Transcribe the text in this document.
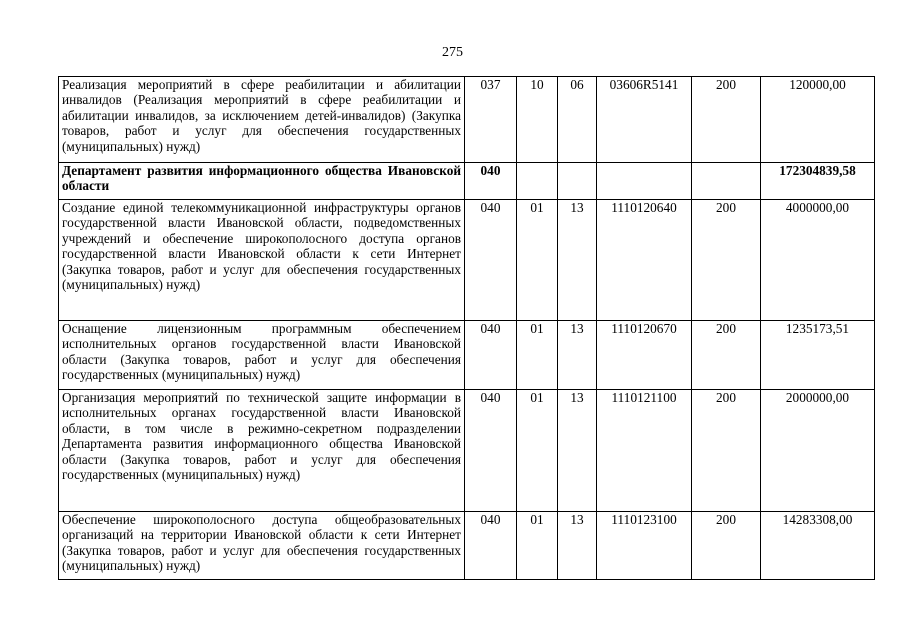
275
Реализация мероприятий в сфере реабилитации и абилитации инвалидов (Реализация мероприятий в сфере реабилитации и абилитации инвалидов, за исключением детей-инвалидов) (Закупка товаров, работ и услуг для обеспечения государственных (муниципальных) нужд)	037	10	06	03606R5141	200	120000,00
Департамент развития информационного общества Ивановской области	040					172304839,58
Создание единой телекоммуникационной инфраструктуры органов государственной власти Ивановской области, подведомственных учреждений и обеспечение широкополосного доступа органов государственной власти Ивановской области к сети Интернет (Закупка товаров, работ и услуг для обеспечения государственных (муниципальных) нужд)	040	01	13	1110120640	200	4000000,00
Оснащение лицензионным программным обеспечением исполнительных органов государственной власти Ивановской области (Закупка товаров, работ и услуг для обеспечения государственных (муниципальных) нужд)	040	01	13	1110120670	200	1235173,51
Организация мероприятий по технической защите информации в исполнительных органах государственной власти Ивановской области, в том числе в режимно-секретном подразделении Департамента развития информационного общества Ивановской области (Закупка товаров, работ и услуг для обеспечения государственных (муниципальных) нужд)	040	01	13	1110121100	200	2000000,00
Обеспечение широкополосного доступа общеобразовательных организаций на территории Ивановской области к сети Интернет (Закупка товаров, работ и услуг для обеспечения государственных (муниципальных) нужд)	040	01	13	1110123100	200	14283308,00
